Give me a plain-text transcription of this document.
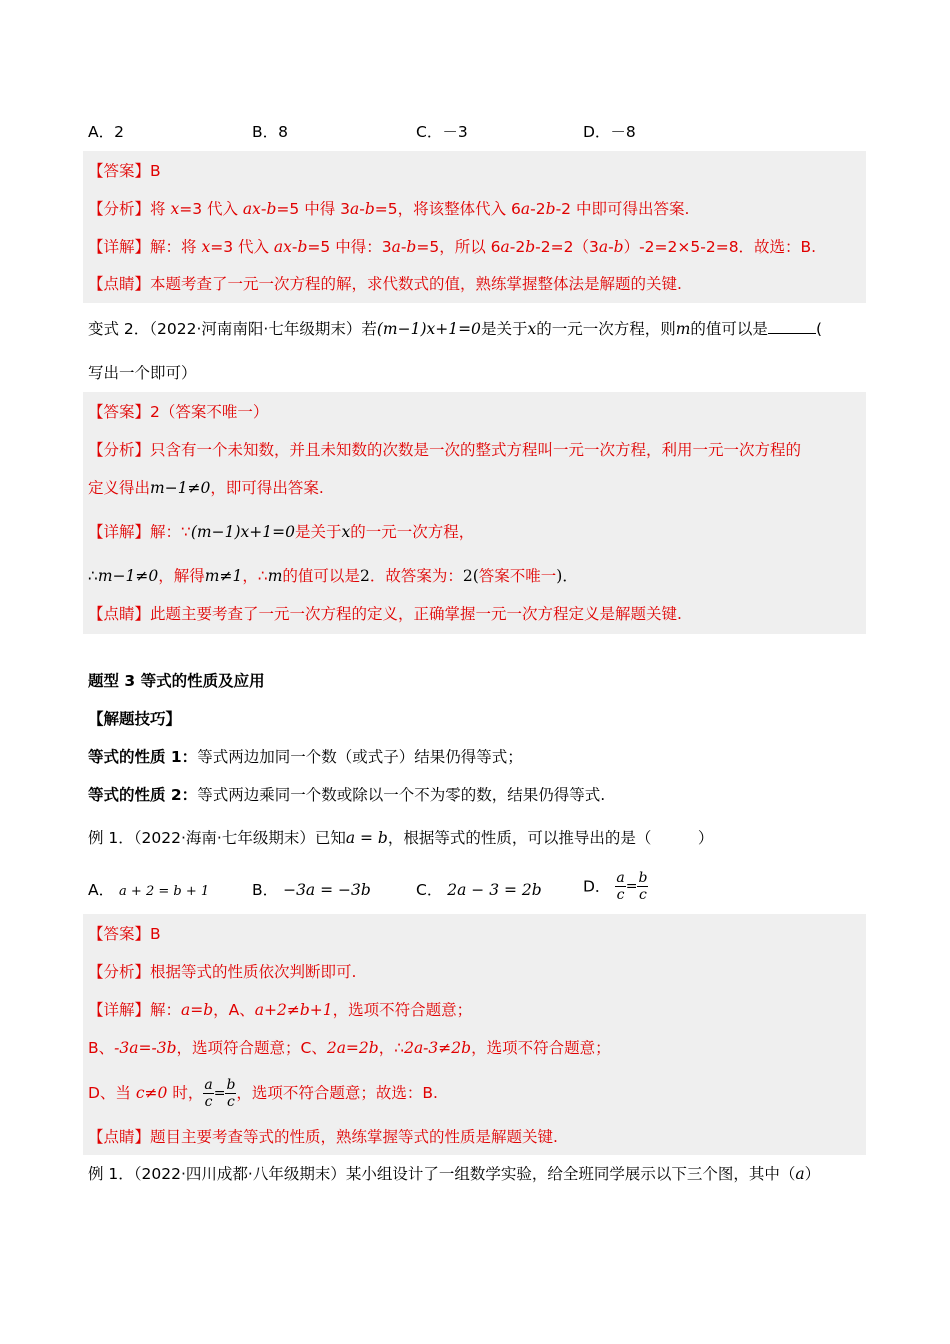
A．2	B．8	C．－3	D．－8
【答案】B
【分析】将 x=3 代入 ax-b=5 中得 3a-b=5，将该整体代入 6a-2b-2 中即可得出答案.
【详解】解：将 x=3 代入 ax-b=5 中得：3a-b=5，所以 6a-2b-2=2（3a-b）-2=2×5-2=8．故选：B.
【点睛】本题考查了一元一次方程的解，求代数式的值，熟练掌握整体法是解题的关键.
变式 2．（2022·河南南阳·七年级期末）若(m−1)x+1=0是关于x的一元一次方程，则m的值可以是	(
写出一个即可）
【答案】2（答案不唯一）
【分析】只含有一个未知数，并且未知数的次数是一次的整式方程叫一元一次方程，利用一元一次方程的
定义得出m−1≠0，即可得出答案.
【详解】解：∵(m−1)x+1=0是关于x的一元一次方程，
∴m−1≠0，解得m≠1，∴m的值可以是2．故答案为：2(答案不唯一)．
【点睛】此题主要考查了一元一次方程的定义，正确掌握一元一次方程定义是解题关键.
题型 3 等式的性质及应用
【解题技巧】
等式的性质 1：等式两边加同一个数（或式子）结果仍得等式；
等式的性质 2：等式两边乘同一个数或除以一个不为零的数，结果仍得等式.
例 1．（2022·海南·七年级期末）已知a = b，根据等式的性质，可以推导出的是（　　　）
A． a + 2 = b + 1	B． −3a = −3b	C． 2a − 3 = 2b	D． $\frac{a}{c} = \frac{b}{c}$
【答案】B
【分析】根据等式的性质依次判断即可.
【详解】解：a=b，A、a+2≠b+1，选项不符合题意；
B、-3a=-3b，选项符合题意；C、2a=2b，∴2a-3≠2b，选项不符合题意；
D、当 c≠0 时， $\frac{a}{c} = \frac{b}{c}$ ，选项不符合题意；故选：B.
【点睛】题目主要考查等式的性质，熟练掌握等式的性质是解题关键.
例 1．（2022·四川成都·八年级期末）某小组设计了一组数学实验，给全班同学展示以下三个图，其中（a）
